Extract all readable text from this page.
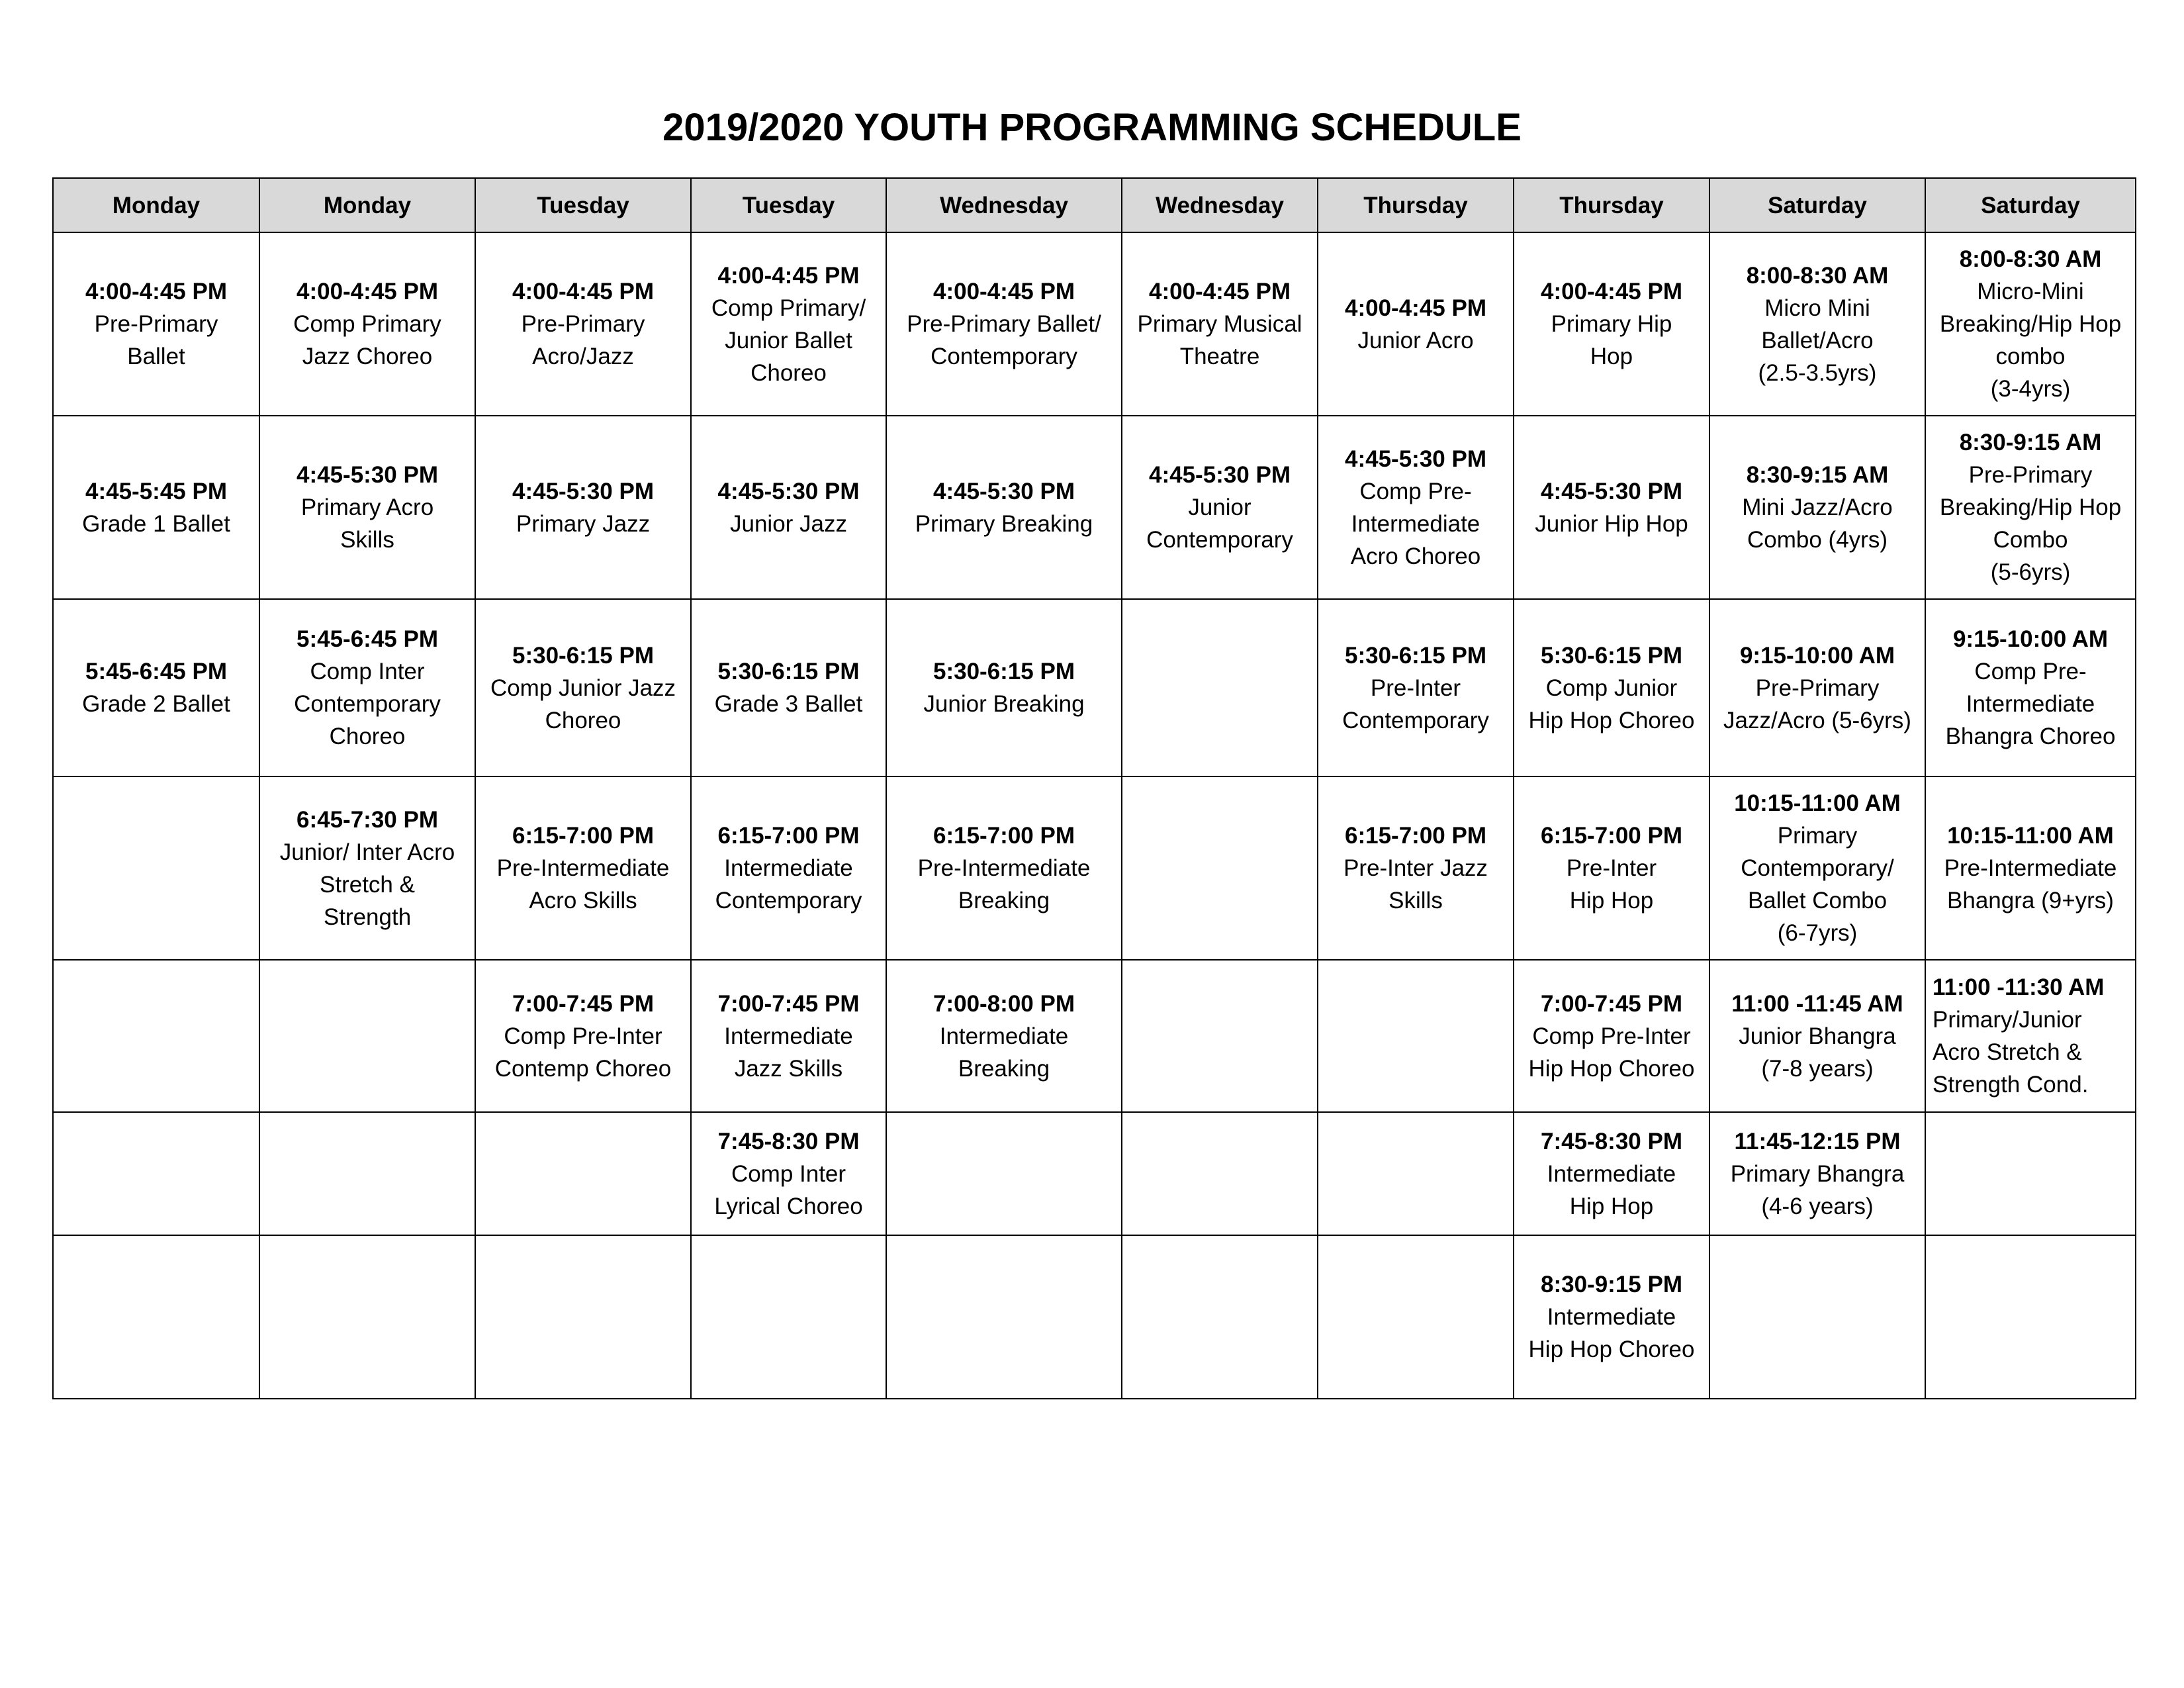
2019/2020 YOUTH PROGRAMMING SCHEDULE
Monday	Monday	Tuesday	Tuesday	Wednesday	Wednesday	Thursday	Thursday	Saturday	Saturday

4:00-4:45 PM
Pre-Primary
Ballet	4:00-4:45 PM
Comp Primary
Jazz Choreo	4:00-4:45 PM
Pre-Primary
Acro/Jazz	4:00-4:45 PM
Comp Primary/
Junior Ballet
Choreo	4:00-4:45 PM
Pre-Primary Ballet/
Contemporary	4:00-4:45 PM
Primary Musical
Theatre	4:00-4:45 PM
Junior Acro	4:00-4:45 PM
Primary Hip
Hop	8:00-8:30 AM
Micro Mini
Ballet/Acro
(2.5-3.5yrs)	8:00-8:30 AM
Micro-Mini
Breaking/Hip Hop
combo
(3-4yrs)

4:45-5:45 PM
Grade 1 Ballet	4:45-5:30 PM
Primary Acro
Skills	4:45-5:30 PM
Primary Jazz	4:45-5:30 PM
Junior Jazz	4:45-5:30 PM
Primary Breaking	4:45-5:30 PM
Junior
Contemporary	4:45-5:30 PM
Comp Pre-
Intermediate
Acro Choreo	4:45-5:30 PM
Junior Hip Hop	8:30-9:15 AM
Mini Jazz/Acro
Combo (4yrs)	8:30-9:15 AM
Pre-Primary
Breaking/Hip Hop
Combo
(5-6yrs)

5:45-6:45 PM
Grade 2 Ballet	5:45-6:45 PM
Comp Inter
Contemporary
Choreo	5:30-6:15 PM
Comp Junior Jazz
Choreo	5:30-6:15 PM
Grade 3 Ballet	5:30-6:15 PM
Junior Breaking		5:30-6:15 PM
Pre-Inter
Contemporary	5:30-6:15 PM
Comp Junior
Hip Hop Choreo	9:15-10:00 AM
Pre-Primary
Jazz/Acro (5-6yrs)	9:15-10:00 AM
Comp Pre-
Intermediate
Bhangra Choreo

	6:45-7:30 PM
Junior/ Inter Acro
Stretch &
Strength	6:15-7:00 PM
Pre-Intermediate
Acro Skills	6:15-7:00 PM
Intermediate
Contemporary	6:15-7:00 PM
Pre-Intermediate
Breaking		6:15-7:00 PM
Pre-Inter Jazz
Skills	6:15-7:00 PM
Pre-Inter
Hip Hop	10:15-11:00 AM
Primary
Contemporary/
Ballet Combo
(6-7yrs)	10:15-11:00 AM
Pre-Intermediate
Bhangra (9+yrs)

		7:00-7:45 PM
Comp Pre-Inter
Contemp Choreo	7:00-7:45 PM
Intermediate
Jazz Skills	7:00-8:00 PM
Intermediate
Breaking			7:00-7:45 PM
Comp Pre-Inter
Hip Hop Choreo	11:00 -11:45 AM
Junior Bhangra
(7-8 years)	11:00 -11:30 AM
Primary/Junior
Acro Stretch &
Strength Cond.

			7:45-8:30 PM
Comp Inter
Lyrical Choreo				7:45-8:30 PM
Intermediate
Hip Hop	11:45-12:15 PM
Primary Bhangra
(4-6 years)	

							8:30-9:15 PM
Intermediate
Hip Hop Choreo		
